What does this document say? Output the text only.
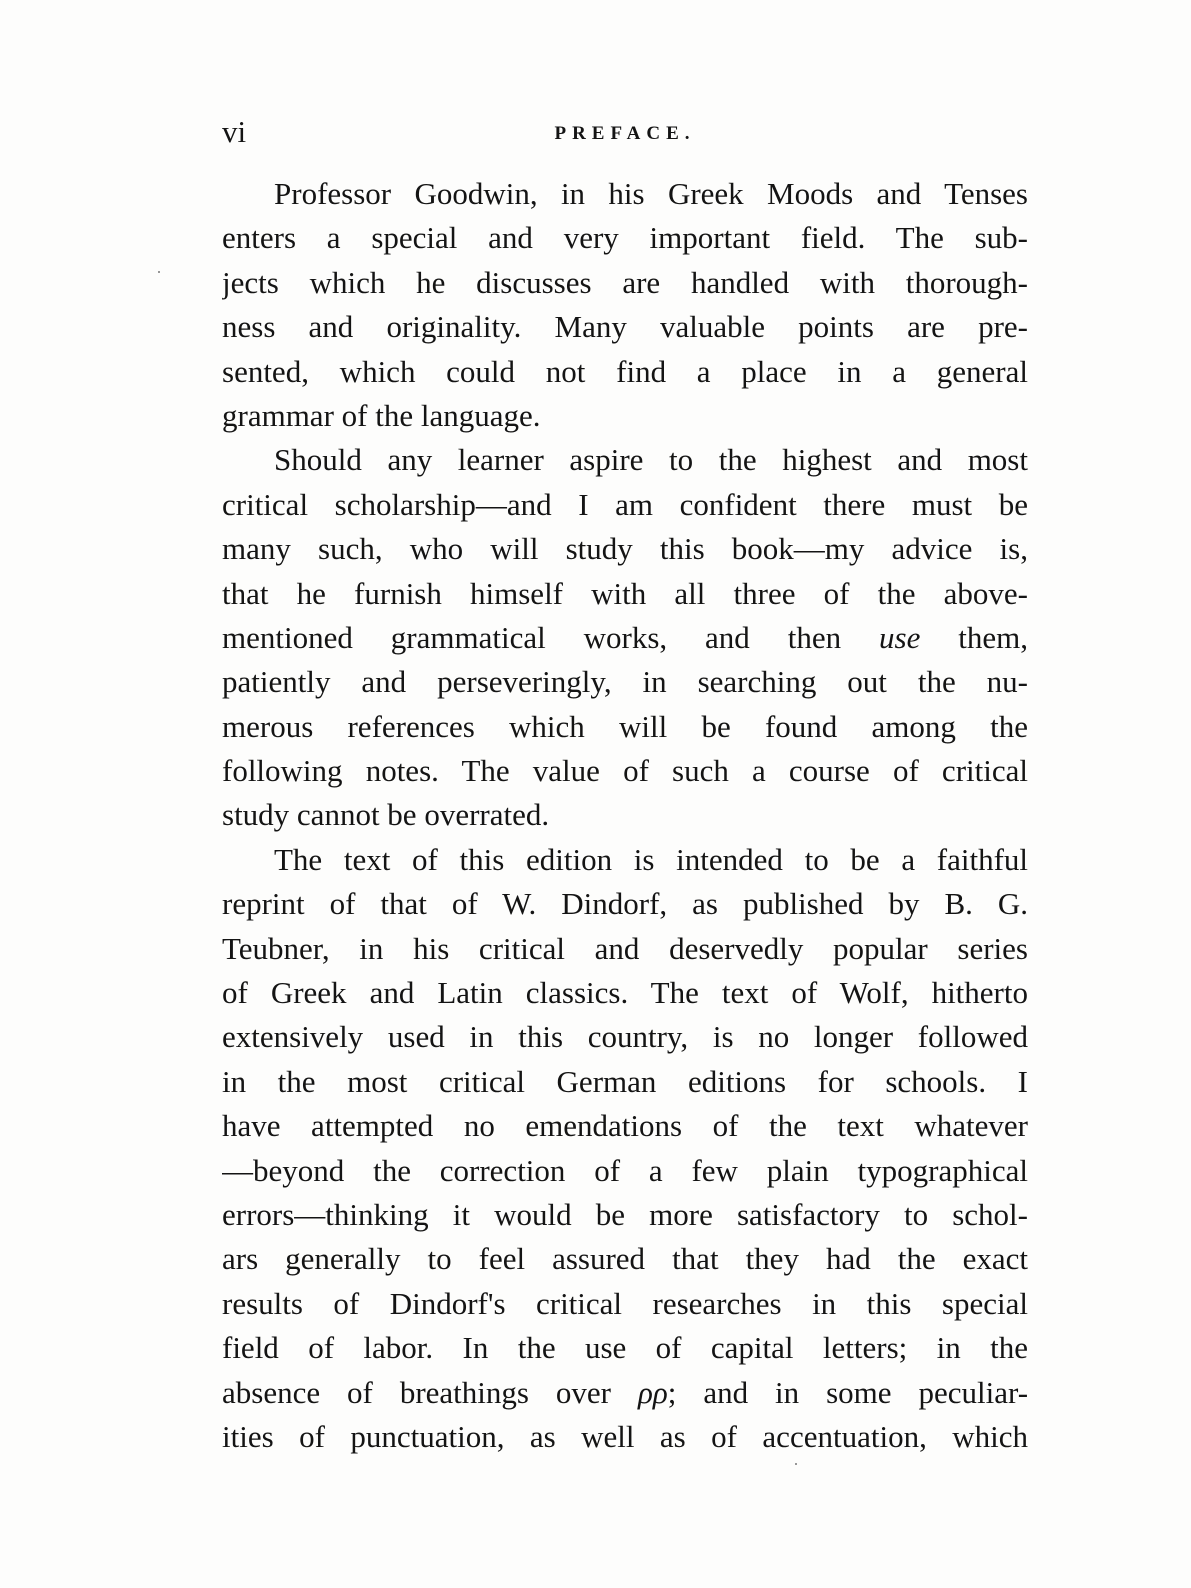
vi	PREFACE.
Professor Goodwin, in his Greek Moods and Tenses
enters a special and very important field. The sub-
jects which he discusses are handled with thorough-
ness and originality. Many valuable points are pre-
sented, which could not find a place in a general
grammar of the language.
Should any learner aspire to the highest and most
critical scholarship—and I am confident there must be
many such, who will study this book—my advice is,
that he furnish himself with all three of the above-
mentioned grammatical works, and then use them,
patiently and perseveringly, in searching out the nu-
merous references which will be found among the
following notes. The value of such a course of critical
study cannot be overrated.
The text of this edition is intended to be a faithful
reprint of that of W. Dindorf, as published by B. G.
Teubner, in his critical and deservedly popular series
of Greek and Latin classics. The text of Wolf, hitherto
extensively used in this country, is no longer followed
in the most critical German editions for schools. I
have attempted no emendations of the text whatever
—beyond the correction of a few plain typographical
errors—thinking it would be more satisfactory to schol-
ars generally to feel assured that they had the exact
results of Dindorf's critical researches in this special
field of labor. In the use of capital letters; in the
absence of breathings over ρρ; and in some peculiar-
ities of punctuation, as well as of accentuation, which
